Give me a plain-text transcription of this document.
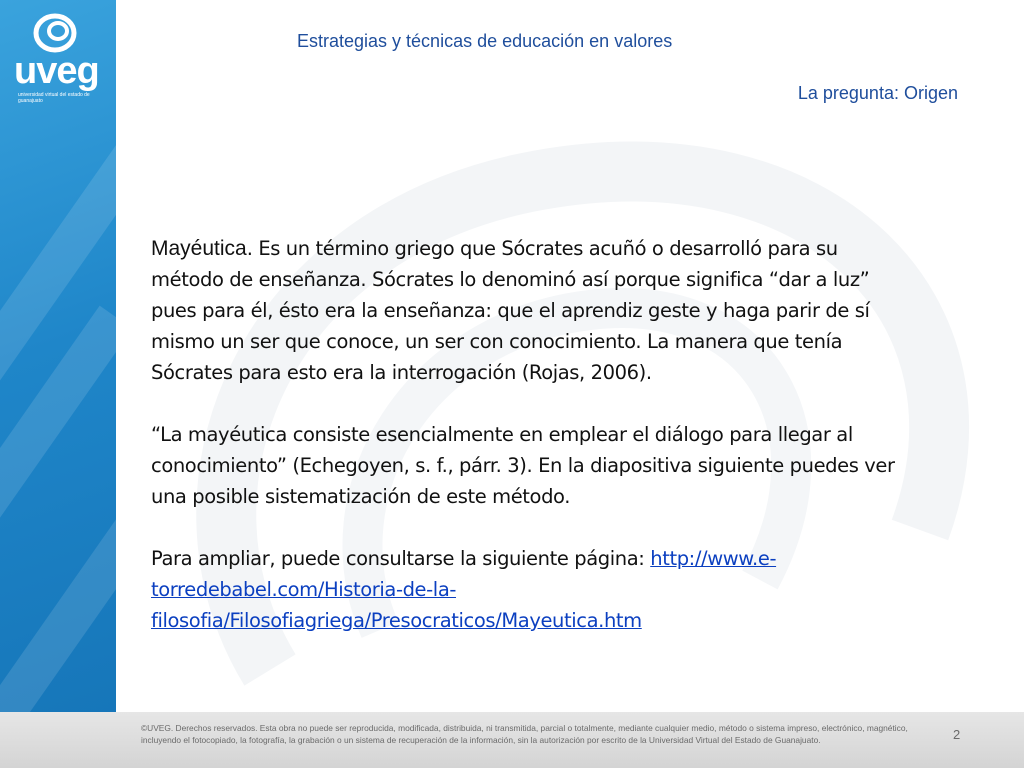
uveg
universidad virtual del estado de guanajuato
Estrategias y técnicas de educación en valores
La pregunta: Origen

Mayéutica. Es un término griego que Sócrates acuñó o desarrolló para su método de enseñanza. Sócrates lo denominó así porque significa “dar a luz” pues para él, ésto era la enseñanza: que el aprendiz geste y haga parir de sí mismo un ser que conoce, un ser con conocimiento. La manera que tenía Sócrates para esto era la interrogación (Rojas, 2006).

“La mayéutica consiste esencialmente en emplear el diálogo para llegar al conocimiento” (Echegoyen, s. f., párr. 3). En la diapositiva siguiente puedes ver una posible sistematización de este método.

Para ampliar, puede consultarse la siguiente página: http://www.e-torredebabel.com/Historia-de-la-filosofia/Filosofiagriega/Presocraticos/Mayeutica.htm

©UVEG. Derechos reservados. Esta obra no puede ser reproducida, modificada, distribuida, ni transmitida, parcial o totalmente, mediante cualquier medio, método o sistema impreso, electrónico, magnético, incluyendo el fotocopiado, la fotografía, la grabación o un sistema de recuperación de la información, sin la autorización por escrito de la Universidad Virtual del Estado de Guanajuato.	2
